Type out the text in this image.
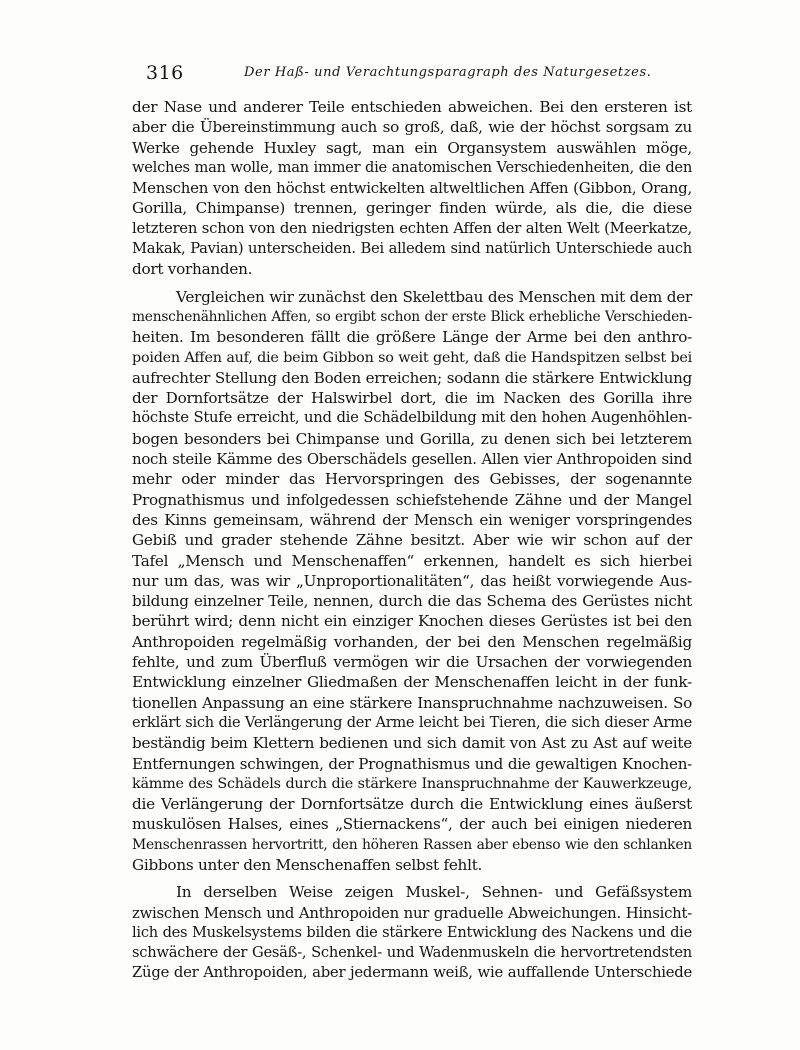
316	Der Haß- und Verachtungsparagraph des Naturgesetzes.
der Nase und anderer Teile entschieden abweichen. Bei den ersteren ist
aber die Übereinstimmung auch so groß, daß, wie der höchst sorgsam zu
Werke gehende Huxley sagt, man ein Organsystem auswählen möge,
welches man wolle, man immer die anatomischen Verschiedenheiten, die den
Menschen von den höchst entwickelten altweltlichen Affen (Gibbon, Orang,
Gorilla, Chimpanse) trennen, geringer finden würde, als die, die diese
letzteren schon von den niedrigsten echten Affen der alten Welt (Meerkatze,
Makak, Pavian) unterscheiden. Bei alledem sind natürlich Unterschiede auch
dort vorhanden.
Vergleichen wir zunächst den Skelettbau des Menschen mit dem der
menschenähnlichen Affen, so ergibt schon der erste Blick erhebliche Verschieden-
heiten. Im besonderen fällt die größere Länge der Arme bei den anthro-
poiden Affen auf, die beim Gibbon so weit geht, daß die Handspitzen selbst bei
aufrechter Stellung den Boden erreichen; sodann die stärkere Entwicklung
der Dornfortsätze der Halswirbel dort, die im Nacken des Gorilla ihre
höchste Stufe erreicht, und die Schädelbildung mit den hohen Augenhöhlen-
bogen besonders bei Chimpanse und Gorilla, zu denen sich bei letzterem
noch steile Kämme des Oberschädels gesellen. Allen vier Anthropoiden sind
mehr oder minder das Hervorspringen des Gebisses, der sogenannte
Prognathismus und infolgedessen schiefstehende Zähne und der Mangel
des Kinns gemeinsam, während der Mensch ein weniger vorspringendes
Gebiß und grader stehende Zähne besitzt. Aber wie wir schon auf der
Tafel „Mensch und Menschenaffen“ erkennen, handelt es sich hierbei
nur um das, was wir „Unproportionalitäten“, das heißt vorwiegende Aus-
bildung einzelner Teile, nennen, durch die das Schema des Gerüstes nicht
berührt wird; denn nicht ein einziger Knochen dieses Gerüstes ist bei den
Anthropoiden regelmäßig vorhanden, der bei den Menschen regelmäßig
fehlte, und zum Überfluß vermögen wir die Ursachen der vorwiegenden
Entwicklung einzelner Gliedmaßen der Menschenaffen leicht in der funk-
tionellen Anpassung an eine stärkere Inanspruchnahme nachzuweisen. So
erklärt sich die Verlängerung der Arme leicht bei Tieren, die sich dieser Arme
beständig beim Klettern bedienen und sich damit von Ast zu Ast auf weite
Entfernungen schwingen, der Prognathismus und die gewaltigen Knochen-
kämme des Schädels durch die stärkere Inanspruchnahme der Kauwerkzeuge,
die Verlängerung der Dornfortsätze durch die Entwicklung eines äußerst
muskulösen Halses, eines „Stiernackens“, der auch bei einigen niederen
Menschenrassen hervortritt, den höheren Rassen aber ebenso wie den schlanken
Gibbons unter den Menschenaffen selbst fehlt.
In derselben Weise zeigen Muskel-, Sehnen- und Gefäßsystem
zwischen Mensch und Anthropoiden nur graduelle Abweichungen. Hinsicht-
lich des Muskelsystems bilden die stärkere Entwicklung des Nackens und die
schwächere der Gesäß-, Schenkel- und Wadenmuskeln die hervortretendsten
Züge der Anthropoiden, aber jedermann weiß, wie auffallende Unterschiede
